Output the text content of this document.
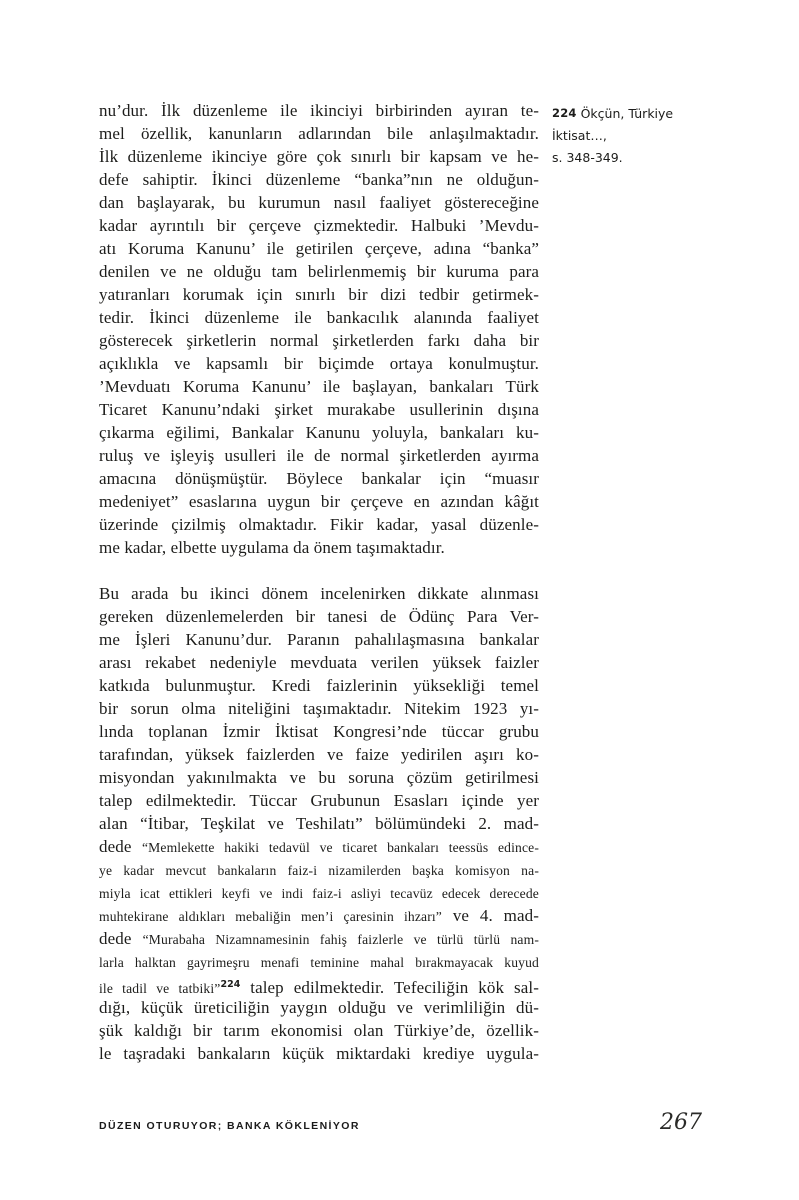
224 Ökçün, Türkiye İktisat…,
s. 348-349.
nu’dur. İlk düzenleme ile ikinciyi birbirinden ayıran te-
mel özellik, kanunların adlarından bile anlaşılmaktadır.
İlk düzenleme ikinciye göre çok sınırlı bir kapsam ve he-
defe sahiptir. İkinci düzenleme “banka”nın ne olduğun-
dan başlayarak, bu kurumun nasıl faaliyet göstereceğine
kadar ayrıntılı bir çerçeve çizmektedir. Halbuki ’Mevdu-
atı Koruma Kanunu’ ile getirilen çerçeve, adına “banka”
denilen ve ne olduğu tam belirlenmemiş bir kuruma para
yatıranları korumak için sınırlı bir dizi tedbir getirmek-
tedir. İkinci düzenleme ile bankacılık alanında faaliyet
gösterecek şirketlerin normal şirketlerden farkı daha bir
açıklıkla ve kapsamlı bir biçimde ortaya konulmuştur.
’Mevduatı Koruma Kanunu’ ile başlayan, bankaları Türk
Ticaret Kanunu’ndaki şirket murakabe usullerinin dışına
çıkarma eğilimi, Bankalar Kanunu yoluyla, bankaları ku-
ruluş ve işleyiş usulleri ile de normal şirketlerden ayırma
amacına dönüşmüştür. Böylece bankalar için “muasır
medeniyet” esaslarına uygun bir çerçeve en azından kâğıt
üzerinde çizilmiş olmaktadır. Fikir kadar, yasal düzenle-
me kadar, elbette uygulama da önem taşımaktadır.
Bu arada bu ikinci dönem incelenirken dikkate alınması
gereken düzenlemelerden bir tanesi de Ödünç Para Ver-
me İşleri Kanunu’dur. Paranın pahalılaşmasına bankalar
arası rekabet nedeniyle mevduata verilen yüksek faizler
katkıda bulunmuştur. Kredi faizlerinin yüksekliği temel
bir sorun olma niteliğini taşımaktadır. Nitekim 1923 yı-
lında toplanan İzmir İktisat Kongresi’nde tüccar grubu
tarafından, yüksek faizlerden ve faize yedirilen aşırı ko-
misyondan yakınılmakta ve bu soruna çözüm getirilmesi
talep edilmektedir. Tüccar Grubunun Esasları içinde yer
alan “İtibar, Teşkilat ve Teshilatı” bölümündeki 2. mad-
dede “Memlekette hakiki tedavül ve ticaret bankaları teessüs edince-
ye kadar mevcut bankaların faiz-i nizamilerden başka komisyon na-
miyla icat ettikleri keyfi ve indi faiz-i asliyi tecavüz edecek derecede
muhtekirane aldıkları mebaliğin men’i çaresinin ihzarı” ve 4. mad-
dede “Murabaha Nizamnamesinin fahiş faizlerle ve türlü türlü nam-
larla halktan gayrimeşru menafi teminine mahal bırakmayacak kuyud
ile tadil ve tatbiki”$^{224}$ talep edilmektedir. Tefeciliğin kök sal-
dığı, küçük üreticiliğin yaygın olduğu ve verimliliğin dü-
şük kaldığı bir tarım ekonomisi olan Türkiye’de, özellik-
le taşradaki bankaların küçük miktardaki krediye uygula-
DÜZEN OTURUYOR; BANKA KÖKLENİYOR	267
